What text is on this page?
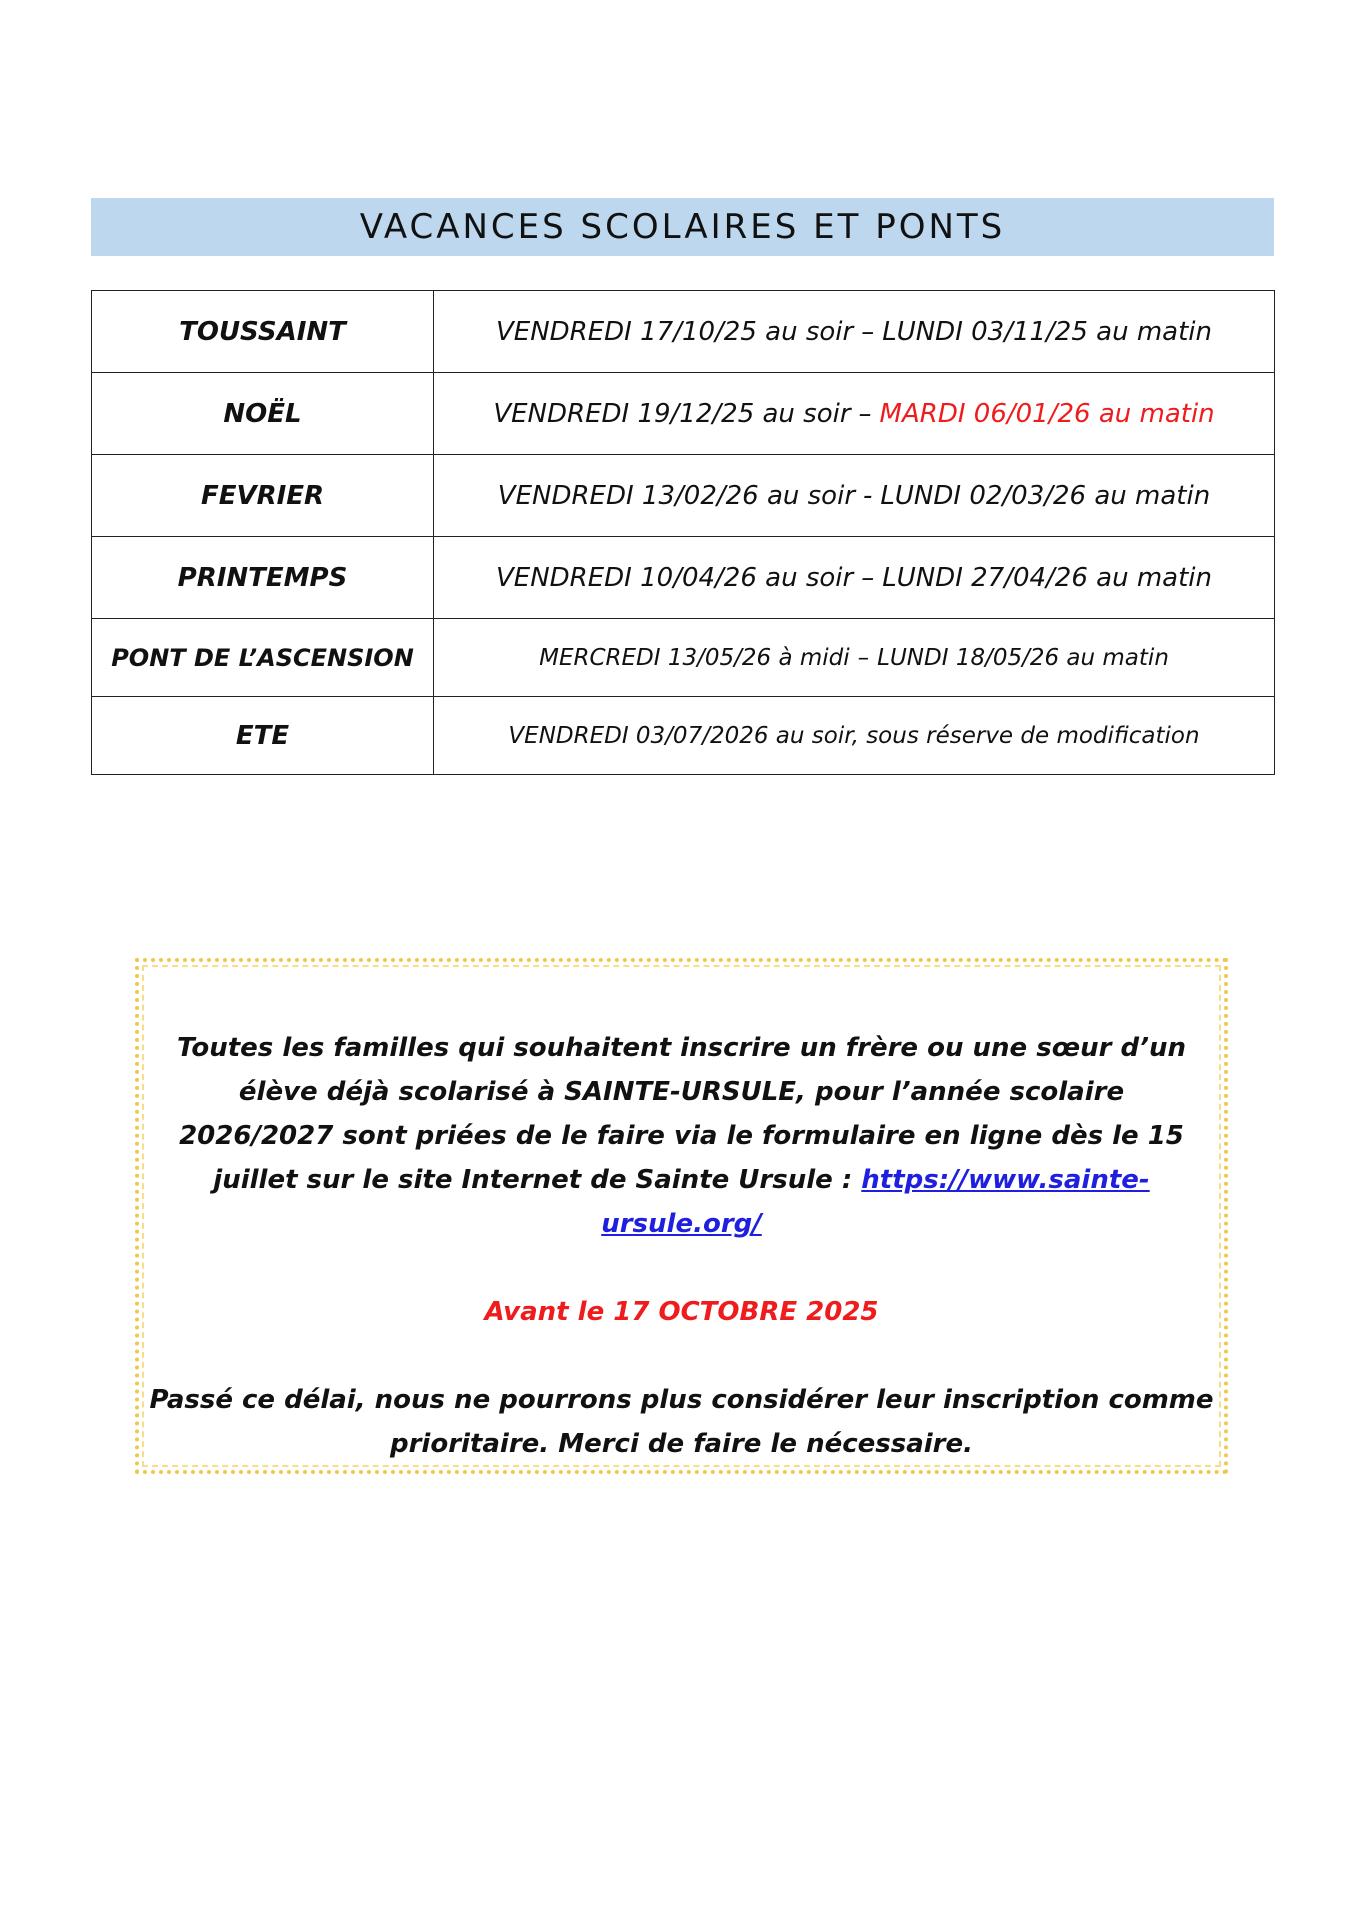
VACANCES SCOLAIRES ET PONTS
TOUSSAINT	VENDREDI 17/10/25 au soir – LUNDI 03/11/25 au matin
NOËL	VENDREDI 19/12/25 au soir – MARDI 06/01/26 au matin
FEVRIER	VENDREDI 13/02/26 au soir - LUNDI 02/03/26 au matin
PRINTEMPS	VENDREDI 10/04/26 au soir – LUNDI 27/04/26 au matin
PONT DE L’ASCENSION	MERCREDI 13/05/26 à midi – LUNDI 18/05/26 au matin
ETE	VENDREDI 03/07/2026 au soir, sous réserve de modification

Toutes les familles qui souhaitent inscrire un frère ou une sœur d’un élève déjà scolarisé à SAINTE-URSULE, pour l’année scolaire 2026/2027 sont priées de le faire via le formulaire en ligne dès le 15 juillet sur le site Internet de Sainte Ursule : https://www.sainte-ursule.org/

Avant le 17 OCTOBRE 2025

Passé ce délai, nous ne pourrons plus considérer leur inscription comme prioritaire. Merci de faire le nécessaire.
